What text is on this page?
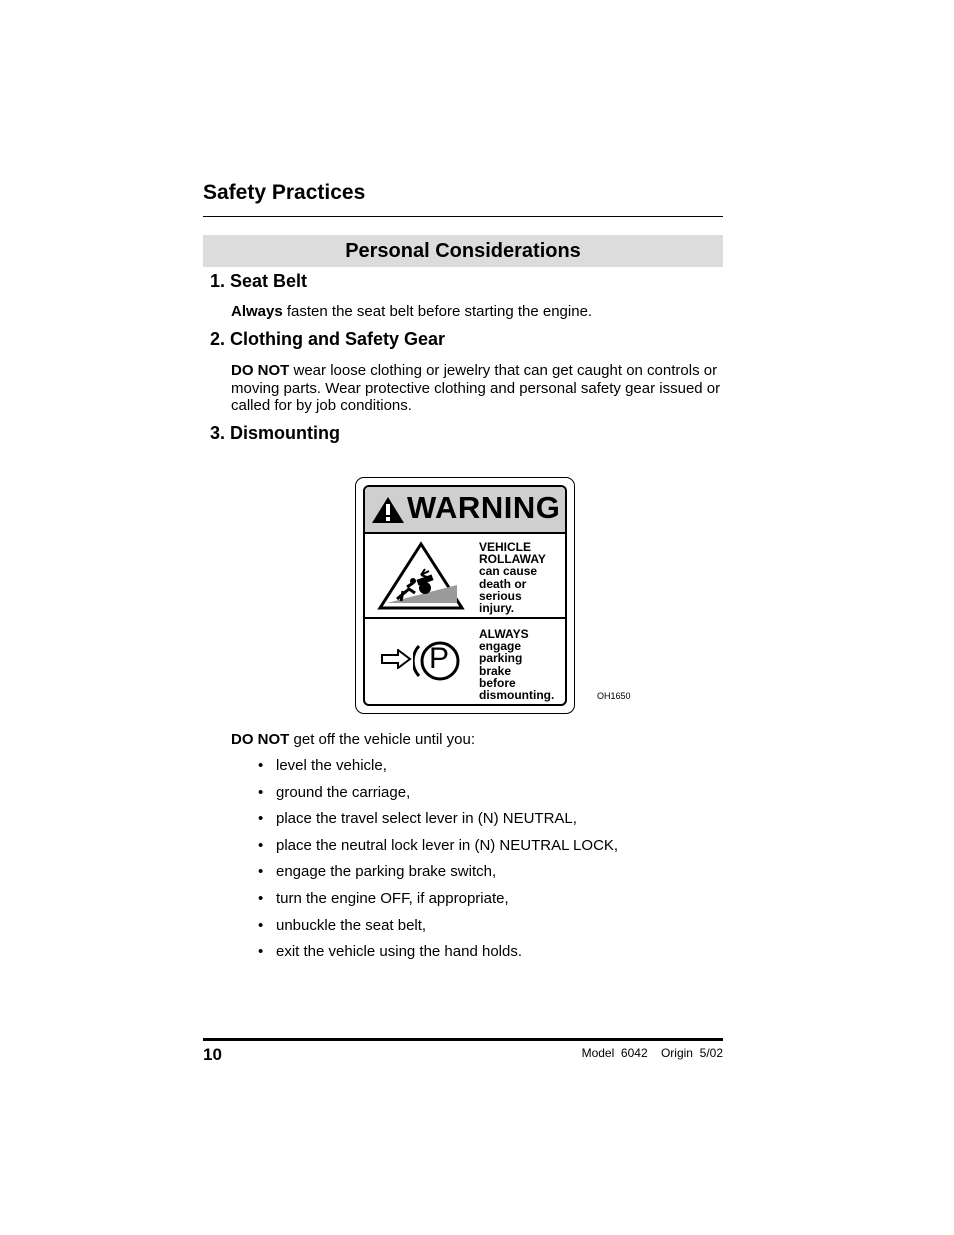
Safety Practices
Personal Considerations
1. Seat Belt
Always fasten the seat belt before starting the engine.
2. Clothing and Safety Gear
DO NOT wear loose clothing or jewelry that can get caught on controls or moving parts. Wear protective clothing and personal safety gear issued or called for by job conditions.
3. Dismounting
WARNING
VEHICLE
ROLLAWAY
can cause
death or
serious
injury.
P
ALWAYS
engage
parking
brake
before
dismounting.	OH1650
DO NOT get off the vehicle until you:
• level the vehicle,
• ground the carriage,
• place the travel select lever in (N) NEUTRAL,
• place the neutral lock lever in (N) NEUTRAL LOCK,
• engage the parking brake switch,
• turn the engine OFF, if appropriate,
• unbuckle the seat belt,
• exit the vehicle using the hand holds.
10	Model  6042    Origin  5/02
